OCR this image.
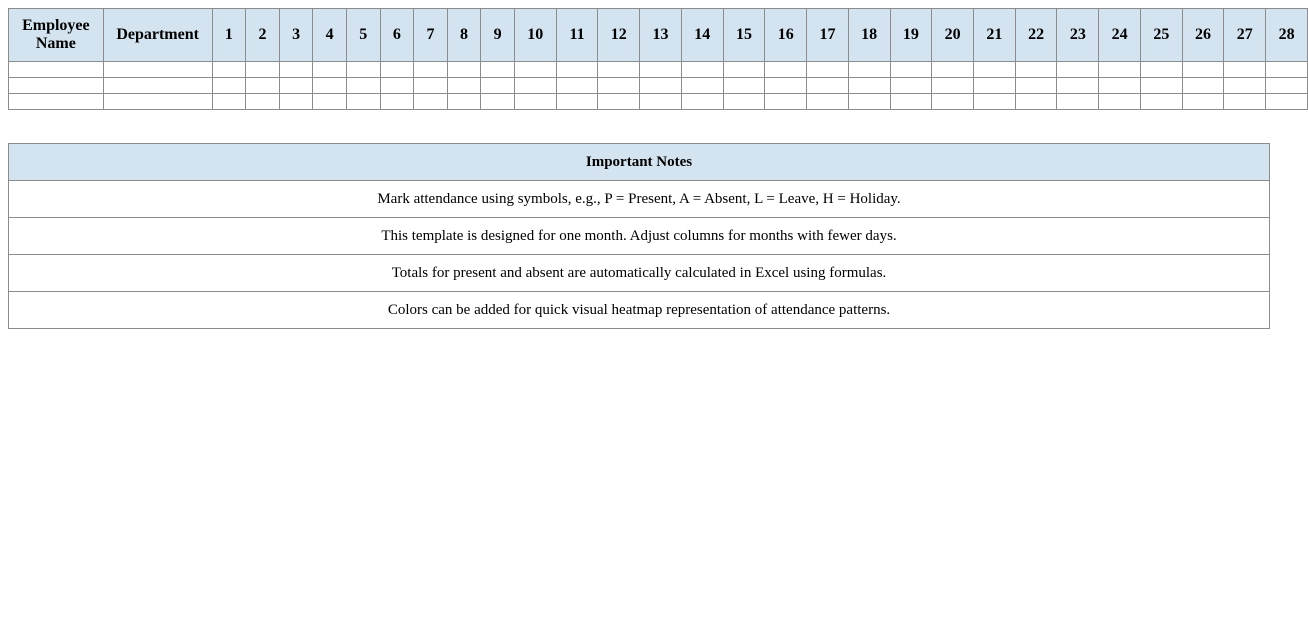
Employee Name	Department	1	2	3	4	5	6	7	8	9	10	11	12	13	14	15	16	17	18	19	20	21	22	23	24	25	26	27	28

Important Notes
Mark attendance using symbols, e.g., P = Present, A = Absent, L = Leave, H = Holiday.
This template is designed for one month. Adjust columns for months with fewer days.
Totals for present and absent are automatically calculated in Excel using formulas.
Colors can be added for quick visual heatmap representation of attendance patterns.
